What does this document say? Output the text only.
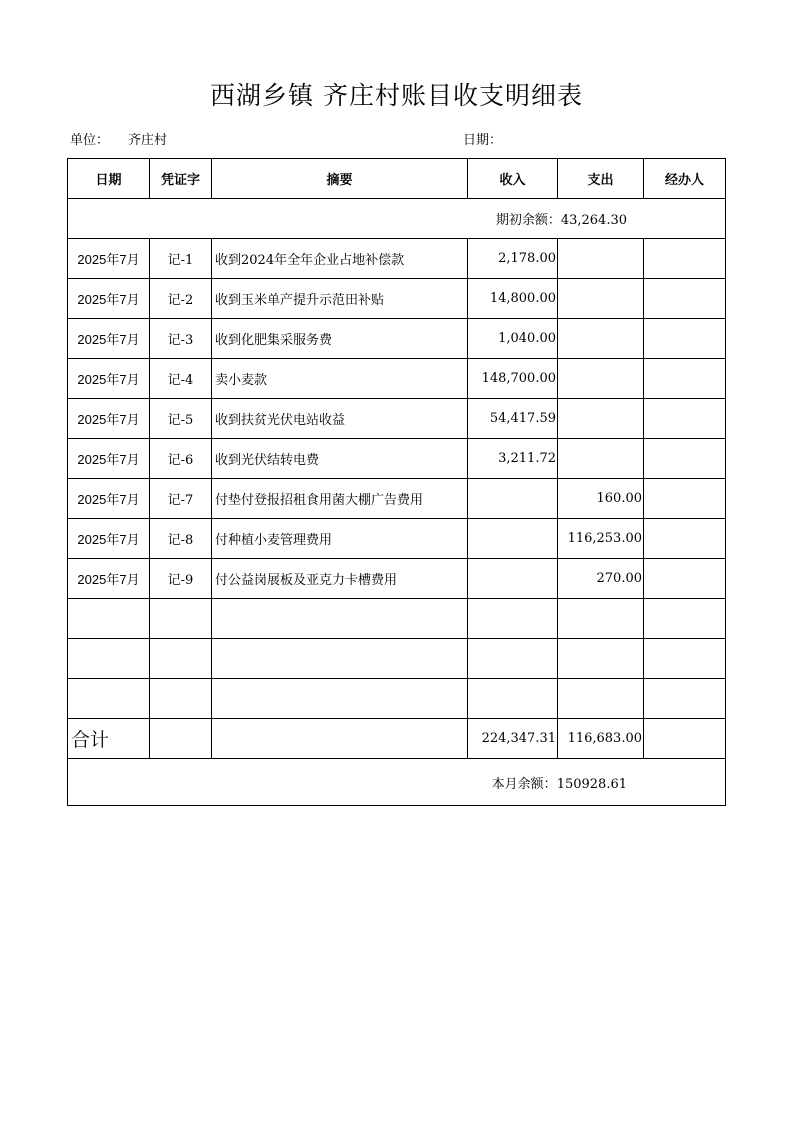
西湖乡镇 齐庄村账目收支明细表
单位： 齐庄村	日期：
日期	凭证字	摘要	收入	支出	经办人
期初余额：43,264.30					
2025年7月	记-1	收到2024年全年企业占地补偿款	2,178.00		
2025年7月	记-2	收到玉米单产提升示范田补贴	14,800.00		
2025年7月	记-3	收到化肥集采服务费	1,040.00		
2025年7月	记-4	卖小麦款	148,700.00		
2025年7月	记-5	收到扶贫光伏电站收益	54,417.59		
2025年7月	记-6	收到光伏结转电费	3,211.72		
2025年7月	记-7	付垫付登报招租食用菌大棚广告费用		160.00	
2025年7月	记-8	付种植小麦管理费用		116,253.00	
2025年7月	记-9	付公益岗展板及亚克力卡槽费用		270.00	

合计			224,347.31	116,683.00	
本月余额：150928.61					
